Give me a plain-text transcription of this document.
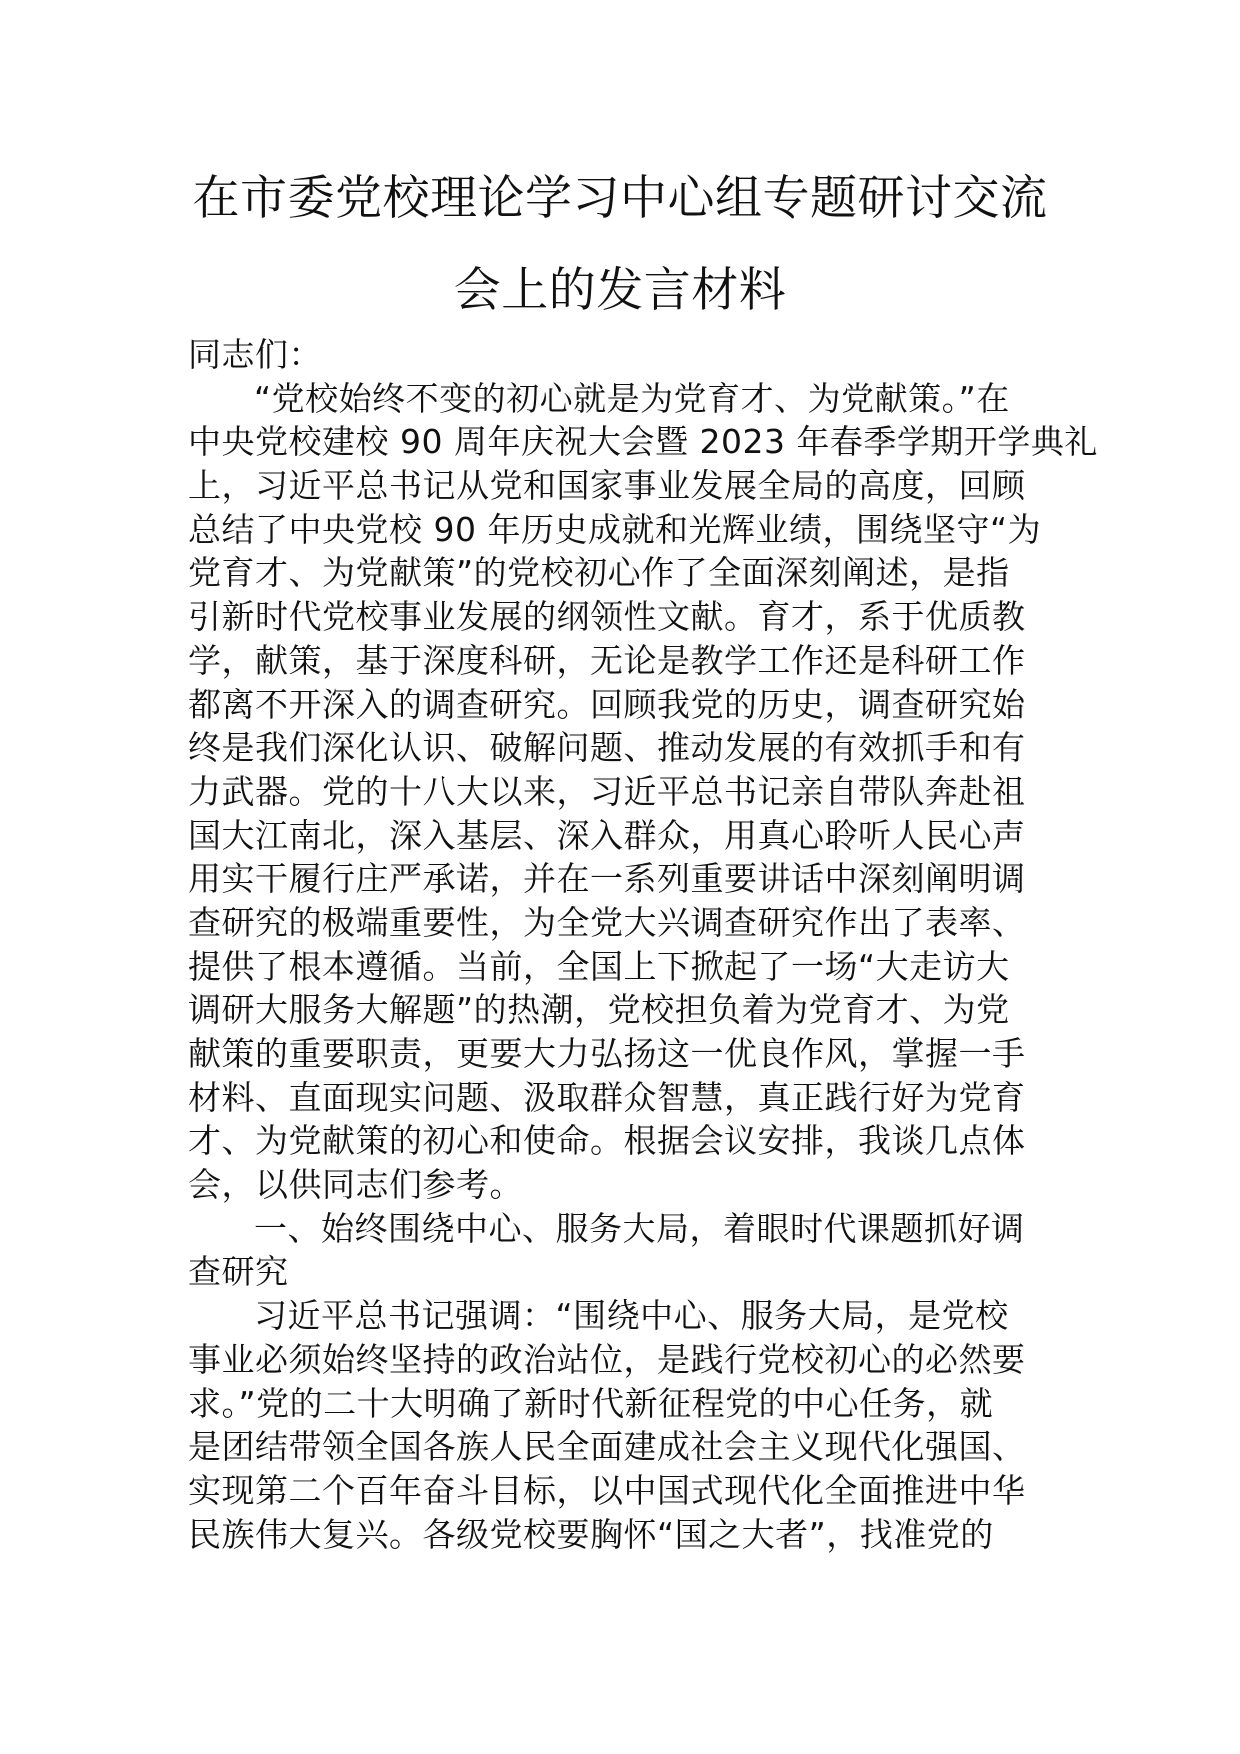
在市委党校理论学习中心组专题研讨交流
会上的发言材料
同志们：
“党校始终不变的初心就是为党育才、为党献策。”在
中央党校建校 90 周年庆祝大会暨 2023 年春季学期开学典礼
上，习近平总书记从党和国家事业发展全局的高度，回顾
总结了中央党校 90 年历史成就和光辉业绩，围绕坚守“为
党育才、为党献策”的党校初心作了全面深刻阐述，是指
引新时代党校事业发展的纲领性文献。育才，系于优质教
学，献策，基于深度科研，无论是教学工作还是科研工作
都离不开深入的调查研究。回顾我党的历史，调查研究始
终是我们深化认识、破解问题、推动发展的有效抓手和有
力武器。党的十八大以来，习近平总书记亲自带队奔赴祖
国大江南北，深入基层、深入群众，用真心聆听人民心声
用实干履行庄严承诺，并在一系列重要讲话中深刻阐明调
查研究的极端重要性，为全党大兴调查研究作出了表率、
提供了根本遵循。当前，全国上下掀起了一场“大走访大
调研大服务大解题”的热潮，党校担负着为党育才、为党
献策的重要职责，更要大力弘扬这一优良作风，掌握一手
材料、直面现实问题、汲取群众智慧，真正践行好为党育
才、为党献策的初心和使命。根据会议安排，我谈几点体
会，以供同志们参考。
一、始终围绕中心、服务大局，着眼时代课题抓好调
查研究
习近平总书记强调：“围绕中心、服务大局，是党校
事业必须始终坚持的政治站位，是践行党校初心的必然要
求。”党的二十大明确了新时代新征程党的中心任务，就
是团结带领全国各族人民全面建成社会主义现代化强国、
实现第二个百年奋斗目标，以中国式现代化全面推进中华
民族伟大复兴。各级党校要胸怀“国之大者”，找准党的
